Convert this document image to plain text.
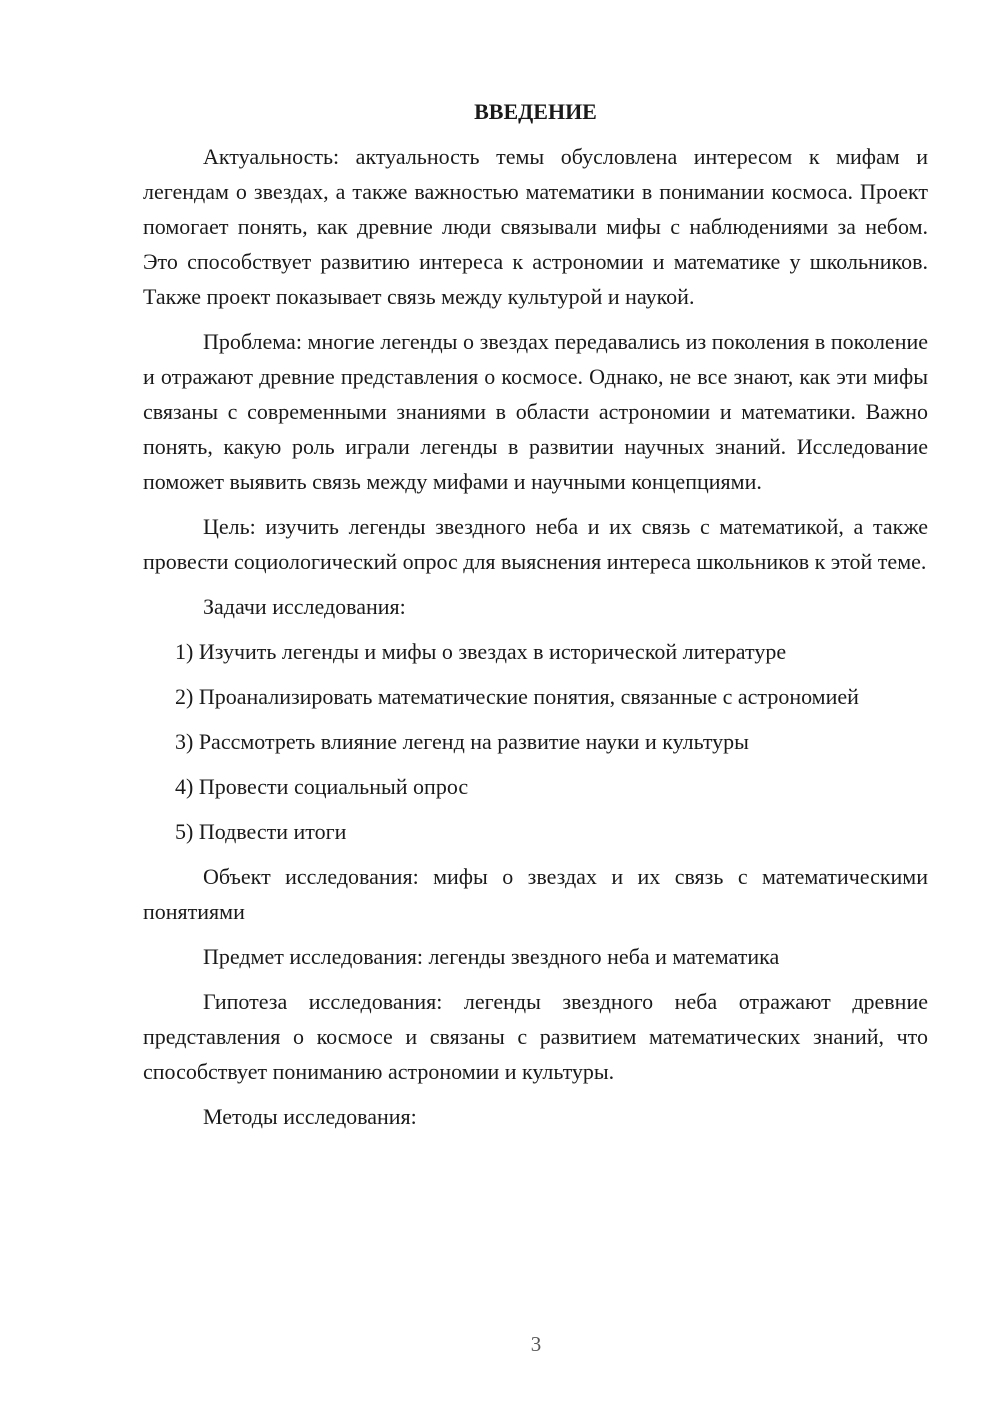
ВВЕДЕНИЕ

Актуальность: актуальность темы обусловлена интересом к мифам и легендам о звездах, а также важностью математики в понимании космоса. Проект помогает понять, как древние люди связывали мифы с наблюдениями за небом. Это способствует развитию интереса к астрономии и математике у школьников. Также проект показывает связь между культурой и наукой.

Проблема: многие легенды о звездах передавались из поколения в поколение и отражают древние представления о космосе. Однако, не все знают, как эти мифы связаны с современными знаниями в области астрономии и математики. Важно понять, какую роль играли легенды в развитии научных знаний. Исследование поможет выявить связь между мифами и научными концепциями.

Цель: изучить легенды звездного неба и их связь с математикой, а также провести социологический опрос для выяснения интереса школьников к этой теме.

Задачи исследования:

1) Изучить легенды и мифы о звездах в исторической литературе

2) Проанализировать математические понятия, связанные с астрономией

3) Рассмотреть влияние легенд на развитие науки и культуры

4) Провести социальный опрос

5) Подвести итоги

Объект исследования: мифы о звездах и их связь с математическими понятиями

Предмет исследования: легенды звездного неба и математика

Гипотеза исследования: легенды звездного неба отражают древние представления о космосе и связаны с развитием математических знаний, что способствует пониманию астрономии и культуры.

Методы исследования:

3
